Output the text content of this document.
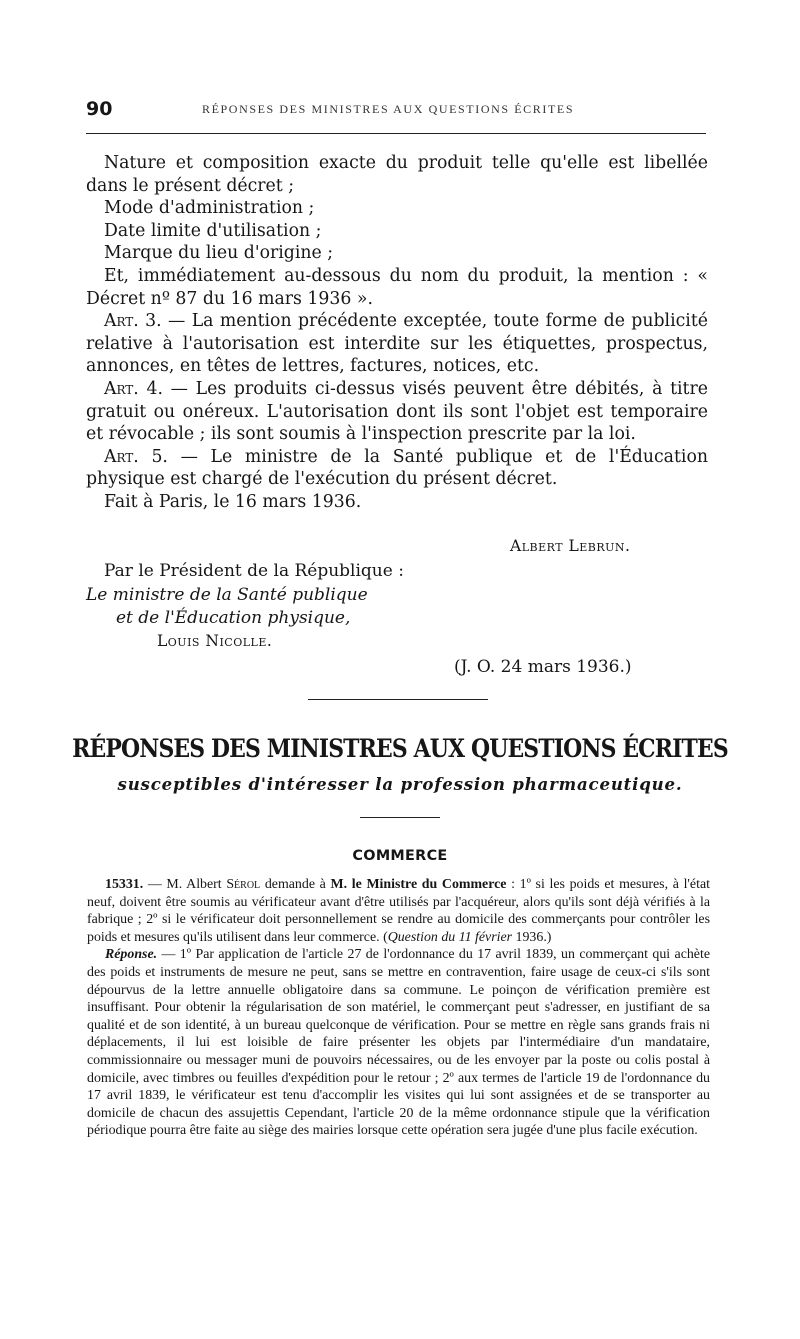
90	RÉPONSES DES MINISTRES AUX QUESTIONS ÉCRITES

Nature et composition exacte du produit telle qu'elle est libellée dans le présent décret ;

Mode d'administration ;

Date limite d'utilisation ;

Marque du lieu d'origine ;

Et, immédiatement au-dessous du nom du produit, la mention : « Décret nº 87 du 16 mars 1936 ».

Art. 3. — La mention précédente exceptée, toute forme de publicité relative à l'autorisation est interdite sur les étiquettes, prospectus, annonces, en têtes de lettres, factures, notices, etc.

Art. 4. — Les produits ci-dessus visés peuvent être débités, à titre gratuit ou onéreux. L'autorisation dont ils sont l'objet est temporaire et révocable ; ils sont soumis à l'inspection prescrite par la loi.

Art. 5. — Le ministre de la Santé publique et de l'Éducation physique est chargé de l'exécution du présent décret.

Fait à Paris, le 16 mars 1936.

Albert Lebrun.
Par le Président de la République :
Le ministre de la Santé publique
et de l'Éducation physique,
Louis Nicolle.
(J. O. 24 mars 1936.)
RÉPONSES DES MINISTRES AUX QUESTIONS ÉCRITES
susceptibles d'intéresser la profession pharmaceutique.
COMMERCE

15331. — M. Albert Sérol demande à M. le Ministre du Commerce : 1º si les poids et mesures, à l'état neuf, doivent être soumis au vérificateur avant d'être utilisés par l'acquéreur, alors qu'ils sont déjà vérifiés à la fabrique ; 2º si le vérificateur doit personnellement se rendre au domicile des commerçants pour contrôler les poids et mesures qu'ils utilisent dans leur commerce. (Question du 11 février 1936.)

Réponse. — 1º Par application de l'article 27 de l'ordonnance du 17 avril 1839, un commerçant qui achète des poids et instruments de mesure ne peut, sans se mettre en contravention, faire usage de ceux-ci s'ils sont dépourvus de la lettre annuelle obligatoire dans sa commune. Le poinçon de vérification première est insuffisant. Pour obtenir la régularisation de son matériel, le commerçant peut s'adresser, en justifiant de sa qualité et de son identité, à un bureau quelconque de vérification. Pour se mettre en règle sans grands frais ni déplacements, il lui est loisible de faire présenter les objets par l'intermédiaire d'un mandataire, commissionnaire ou messager muni de pouvoirs nécessaires, ou de les envoyer par la poste ou colis postal à domicile, avec timbres ou feuilles d'expédition pour le retour ; 2º aux termes de l'article 19 de l'ordonnance du 17 avril 1839, le vérificateur est tenu d'accomplir les visites qui lui sont assignées et de se transporter au domicile de chacun des assujettis Cependant, l'article 20 de la même ordonnance stipule que la vérification périodique pourra être faite au siège des mairies lorsque cette opération sera jugée d'une plus facile exécution.
